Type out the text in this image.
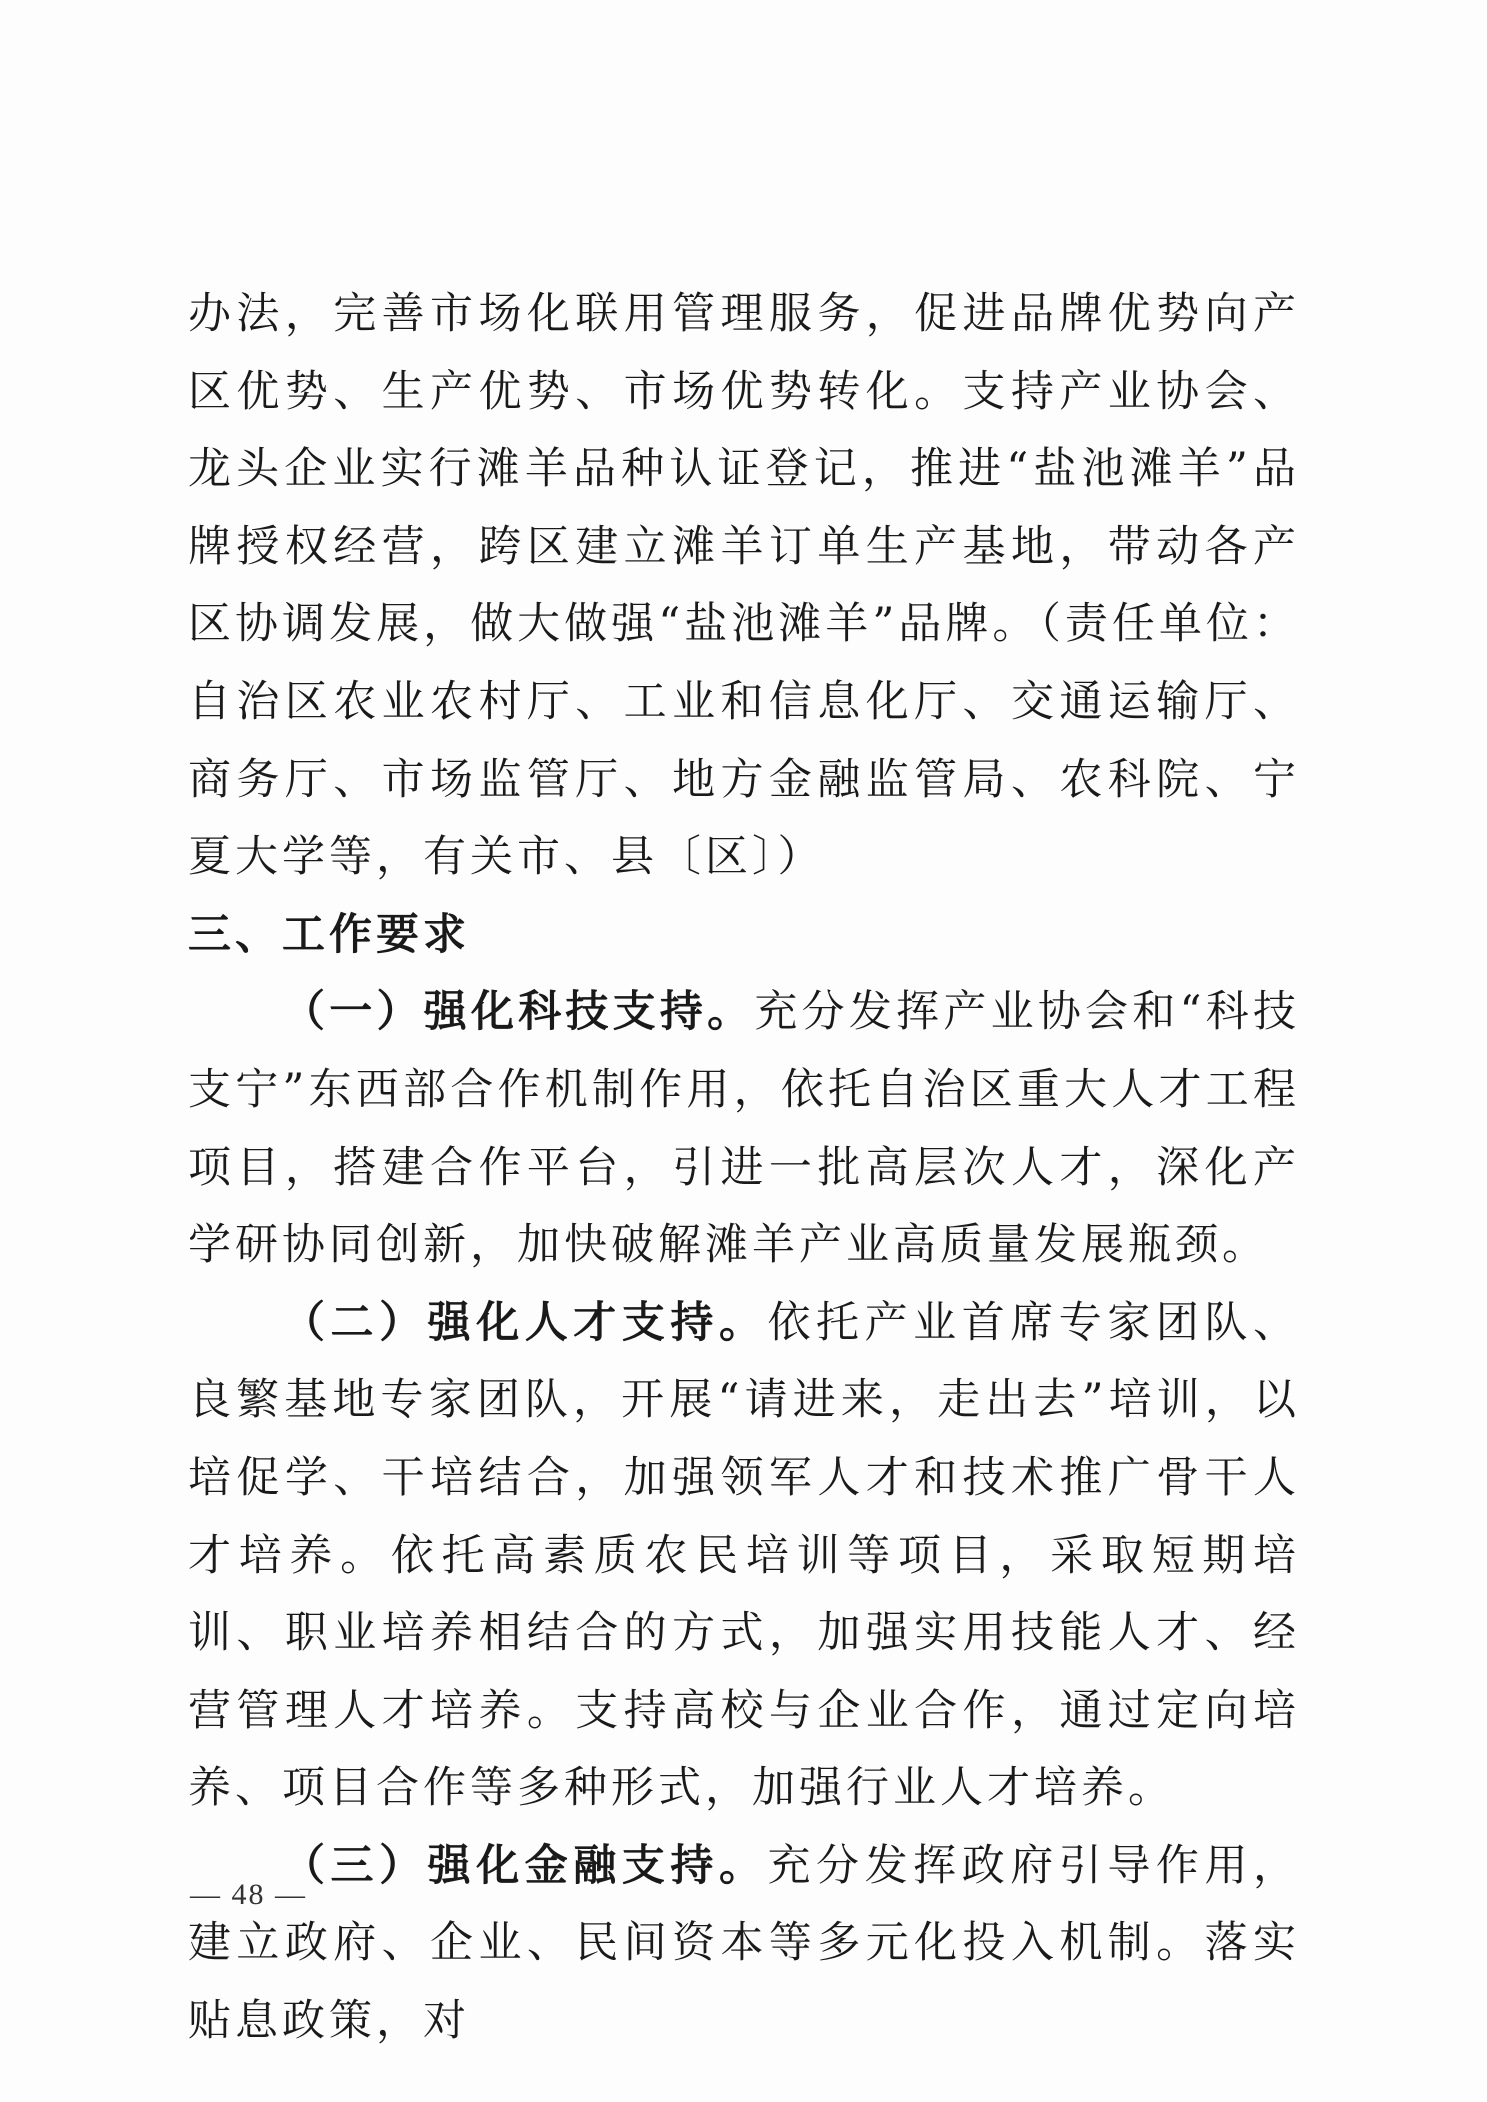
办法，完善市场化联用管理服务，促进品牌优势向产区优势、生产优势、市场优势转化。支持产业协会、龙头企业实行滩羊品种认证登记，推进“盐池滩羊”品牌授权经营，跨区建立滩羊订单生产基地，带动各产区协调发展，做大做强“盐池滩羊”品牌。（责任单位：自治区农业农村厅、工业和信息化厅、交通运输厅、商务厅、市场监管厅、地方金融监管局、农科院、宁夏大学等，有关市、县〔区〕）

三、工作要求

（一）强化科技支持。充分发挥产业协会和“科技支宁”东西部合作机制作用，依托自治区重大人才工程项目，搭建合作平台，引进一批高层次人才，深化产学研协同创新，加快破解滩羊产业高质量发展瓶颈。

（二）强化人才支持。依托产业首席专家团队、良繁基地专家团队，开展“请进来，走出去”培训，以培促学、干培结合，加强领军人才和技术推广骨干人才培养。依托高素质农民培训等项目，采取短期培训、职业培养相结合的方式，加强实用技能人才、经营管理人才培养。支持高校与企业合作，通过定向培养、项目合作等多种形式，加强行业人才培养。

（三）强化金融支持。充分发挥政府引导作用，建立政府、企业、民间资本等多元化投入机制。落实贴息政策，对

— 48 —
